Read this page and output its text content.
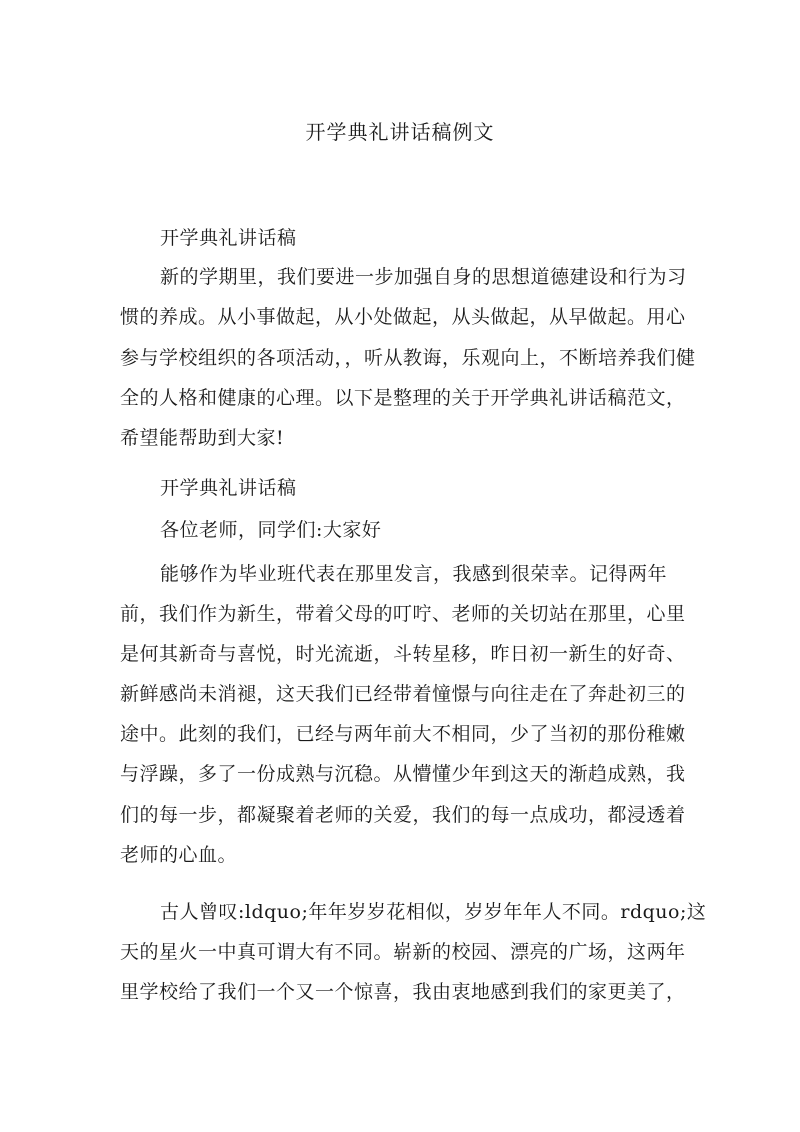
开学典礼讲话稿例文
开学典礼讲话稿
新的学期里，我们要进一步加强自身的思想道德建设和行为习
惯的养成。从小事做起，从小处做起，从头做起，从早做起。用心
参与学校组织的各项活动，，听从教诲，乐观向上，不断培养我们健
全的人格和健康的心理。以下是整理的关于开学典礼讲话稿范文，
希望能帮助到大家!
开学典礼讲话稿
各位老师，同学们:大家好
能够作为毕业班代表在那里发言，我感到很荣幸。记得两年
前，我们作为新生，带着父母的叮咛、老师的关切站在那里，心里
是何其新奇与喜悦，时光流逝，斗转星移，昨日初一新生的好奇、
新鲜感尚未消褪，这天我们已经带着憧憬与向往走在了奔赴初三的
途中。此刻的我们，已经与两年前大不相同，少了当初的那份稚嫩
与浮躁，多了一份成熟与沉稳。从懵懂少年到这天的渐趋成熟，我
们的每一步，都凝聚着老师的关爱，我们的每一点成功，都浸透着
老师的心血。
古人曾叹:ldquo;年年岁岁花相似，岁岁年年人不同。rdquo;这
天的星火一中真可谓大有不同。崭新的校园、漂亮的广场，这两年
里学校给了我们一个又一个惊喜，我由衷地感到我们的家更美了，
